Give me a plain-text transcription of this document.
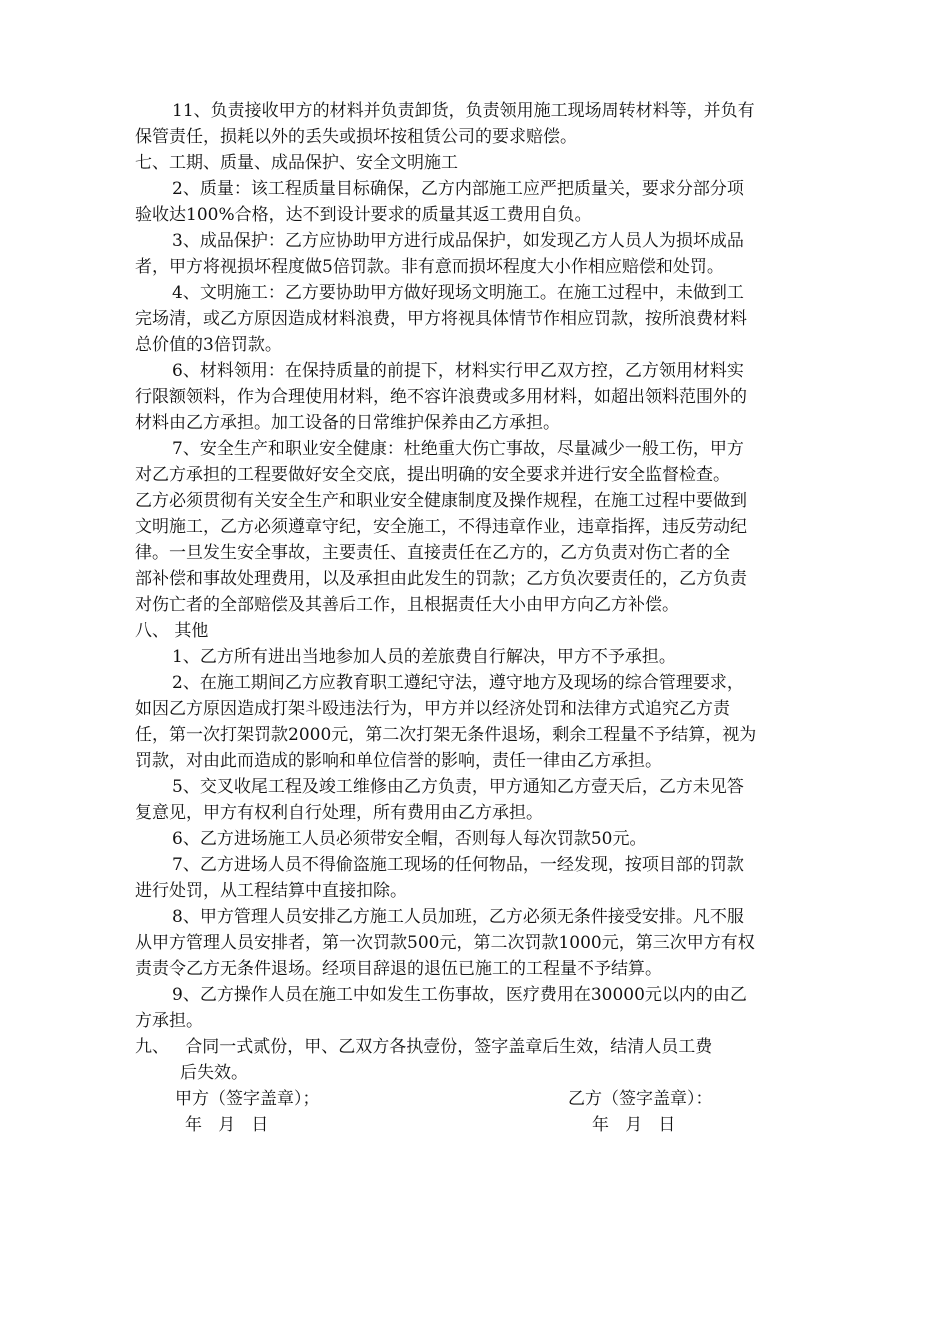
11、负责接收甲方的材料并负责卸货，负责领用施工现场周转材料等，并负有
保管责任，损耗以外的丢失或损坏按租赁公司的要求赔偿。
七、工期、质量、成品保护、安全文明施工
2、质量：该工程质量目标确保，乙方内部施工应严把质量关，要求分部分项
验收达100%合格，达不到设计要求的质量其返工费用自负。
3、成品保护：乙方应协助甲方进行成品保护，如发现乙方人员人为损坏成品
者，甲方将视损坏程度做5倍罚款。非有意而损坏程度大小作相应赔偿和处罚。
4、文明施工：乙方要协助甲方做好现场文明施工。在施工过程中，未做到工
完场清，或乙方原因造成材料浪费，甲方将视具体情节作相应罚款，按所浪费材料
总价值的3倍罚款。
6、材料领用：在保持质量的前提下，材料实行甲乙双方控，乙方领用材料实
行限额领料，作为合理使用材料，绝不容许浪费或多用材料，如超出领料范围外的
材料由乙方承担。加工设备的日常维护保养由乙方承担。
7、安全生产和职业安全健康：杜绝重大伤亡事故，尽量减少一般工伤，甲方
对乙方承担的工程要做好安全交底，提出明确的安全要求并进行安全监督检查。
乙方必须贯彻有关安全生产和职业安全健康制度及操作规程，在施工过程中要做到
文明施工，乙方必须遵章守纪，安全施工，不得违章作业，违章指挥，违反劳动纪
律。一旦发生安全事故，主要责任、直接责任在乙方的，乙方负责对伤亡者的全
部补偿和事故处理费用，以及承担由此发生的罚款；乙方负次要责任的，乙方负责
对伤亡者的全部赔偿及其善后工作，且根据责任大小由甲方向乙方补偿。
八、 其他
1、乙方所有进出当地参加人员的差旅费自行解决，甲方不予承担。
2、在施工期间乙方应教育职工遵纪守法，遵守地方及现场的综合管理要求，
如因乙方原因造成打架斗殴违法行为，甲方并以经济处罚和法律方式追究乙方责
任，第一次打架罚款2000元，第二次打架无条件退场，剩余工程量不予结算，视为
罚款，对由此而造成的影响和单位信誉的影响，责任一律由乙方承担。
5、交叉收尾工程及竣工维修由乙方负责，甲方通知乙方壹天后，乙方未见答
复意见，甲方有权利自行处理，所有费用由乙方承担。
6、乙方进场施工人员必须带安全帽，否则每人每次罚款50元。
7、乙方进场人员不得偷盗施工现场的任何物品，一经发现，按项目部的罚款
进行处罚，从工程结算中直接扣除。
8、甲方管理人员安排乙方施工人员加班，乙方必须无条件接受安排。凡不服
从甲方管理人员安排者，第一次罚款500元，第二次罚款1000元，第三次甲方有权
责责令乙方无条件退场。经项目辞退的退伍已施工的工程量不予结算。
9、乙方操作人员在施工中如发生工伤事故，医疗费用在30000元以内的由乙
方承担。
九、   合同一式贰份，甲、乙双方各执壹份，签字盖章后生效，结清人员工费
后失效。
甲方（签字盖章）；	乙方（签字盖章）：
年   月   日	年   月   日
